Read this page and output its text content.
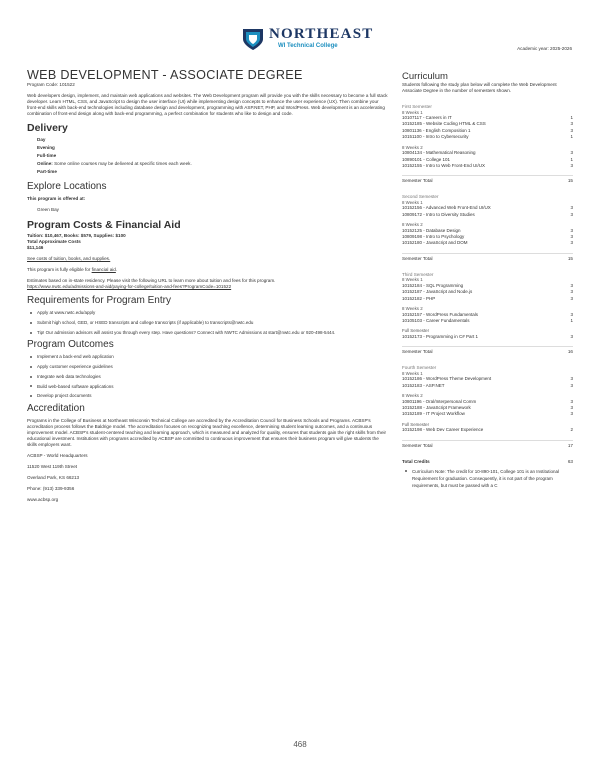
NORTHEAST
WI Technical College	Academic year: 2025-2026
WEB DEVELOPMENT - ASSOCIATE DEGREE
Program Code: 101522
Web developers design, implement, and maintain web applications and websites. The Web Development program will provide you with the skills necessary to become a full stack developer. Learn HTML, CSS, and JavaScript to design the user interface (UI) while implementing design concepts to enhance the user experience (UX). Then combine your front-end skills with back-end technologies including database design and development, programming with ASP.NET, PHP, and WordPress. Web development is an accelerating combination of front-end design along with back-end programming, a perfect combination for students who like to design and code.
Delivery
Day
Evening
Full-time
Online: Some online courses may be delivered at specific times each week.
Part-time
Explore Locations
This program is offered at:
Green Bay
Program Costs & Financial Aid
Tuition: $10,467, Books: $579, Supplies: $100
Total Approximate Costs
$11,146
See costs of tuition, books, and supplies.
This program is fully eligible for financial aid.
Estimates based on in-state residency. Please visit the following URL to learn more about tuition and fees for this program.
https://www.nwtc.edu/admissions-and-aid/paying-for-college/tuition-and-fees?ProgramCode=101522
Requirements for Program Entry
Apply at www.nwtc.edu/apply
Submit high school, GED, or HSED transcripts and college transcripts (if applicable) to transcripts@nwtc.edu
Tip! Our admission advisors will assist you through every step. Have questions? Connect with NWTC Admissions at start@nwtc.edu or 920-498-5444.
Program Outcomes
Implement a back-end web application
Apply customer experience guidelines
Integrate web data technologies
Build web-based software applications
Develop project documents
Accreditation
Programs in the College of Business at Northeast Wisconsin Technical College are accredited by the Accreditation Council for Business Schools and Programs. ACBSP's accreditation process follows the Baldrige model. The accreditation focuses on recognizing teaching excellence, determining student learning outcomes, and a continuous improvement model. ACBSP's student-centered teaching and learning approach, which is measured and analyzed for quality, ensures that students gain the right skills from their educational investment. Institutions with programs accredited by ACBSP are committed to continuous improvement that ensures their business program will give students the skills employers want.
ACBSP - World Headquarters
11520 West 119th Street
Overland Park, KS 66213
Phone: (913) 339-9356
www.acbsp.org
Curriculum
Students following the study plan below will complete the Web Development Associate Degree in the number of semesters shown.
First Semester
8 Weeks 1
10107117 - Careers in IT	1
10152185 - Website Coding HTML & CSS	3
10801136 - English Composition 1	3
10151100 - Intro to Cybersecurity	1
8 Weeks 2
10804134 - Mathematical Reasoning	3
10890101 - College 101	1
10152155 - Intro to Web Front-End UI/UX	3
Semester Total	15
Second Semester
8 Weeks 1
10152156 - Advanced Web Front-End UI/UX	3
10809172 - Intro to Diversity Studies	3
8 Weeks 2
10152125 - Database Design	3
10809198 - Intro to Psychology	3
10152180 - JavaScript and DOM	3
Semester Total	15
Third Semester
8 Weeks 1
10152184 - SQL Programming	3
10152187 - JavaScript and Node.js	3
10152182 - PHP	3
8 Weeks 2
10152157 - WordPress Fundamentals	3
10105103 - Career Fundamentals	1
Full Semester
10152173 - Programming in C# Part 1	3
Semester Total	16
Fourth Semester
8 Weeks 1
10152186 - WordPress Theme Development	3
10152183 - ASP.NET	3
8 Weeks 2
10801196 - Oral/Interpersonal Comm	3
10152188 - JavaScript Framework	3
10152189 - IT Project Workflow	3
Full Semester
10152198 - Web Dev Career Experience	2
Semester Total	17
Total Credits	63
Curriculum Note: The credit for 10-890-101, College 101 is an Institutional Requirement for graduation. Consequently, it is not part of the program requirements, but must be passed with a C
468
